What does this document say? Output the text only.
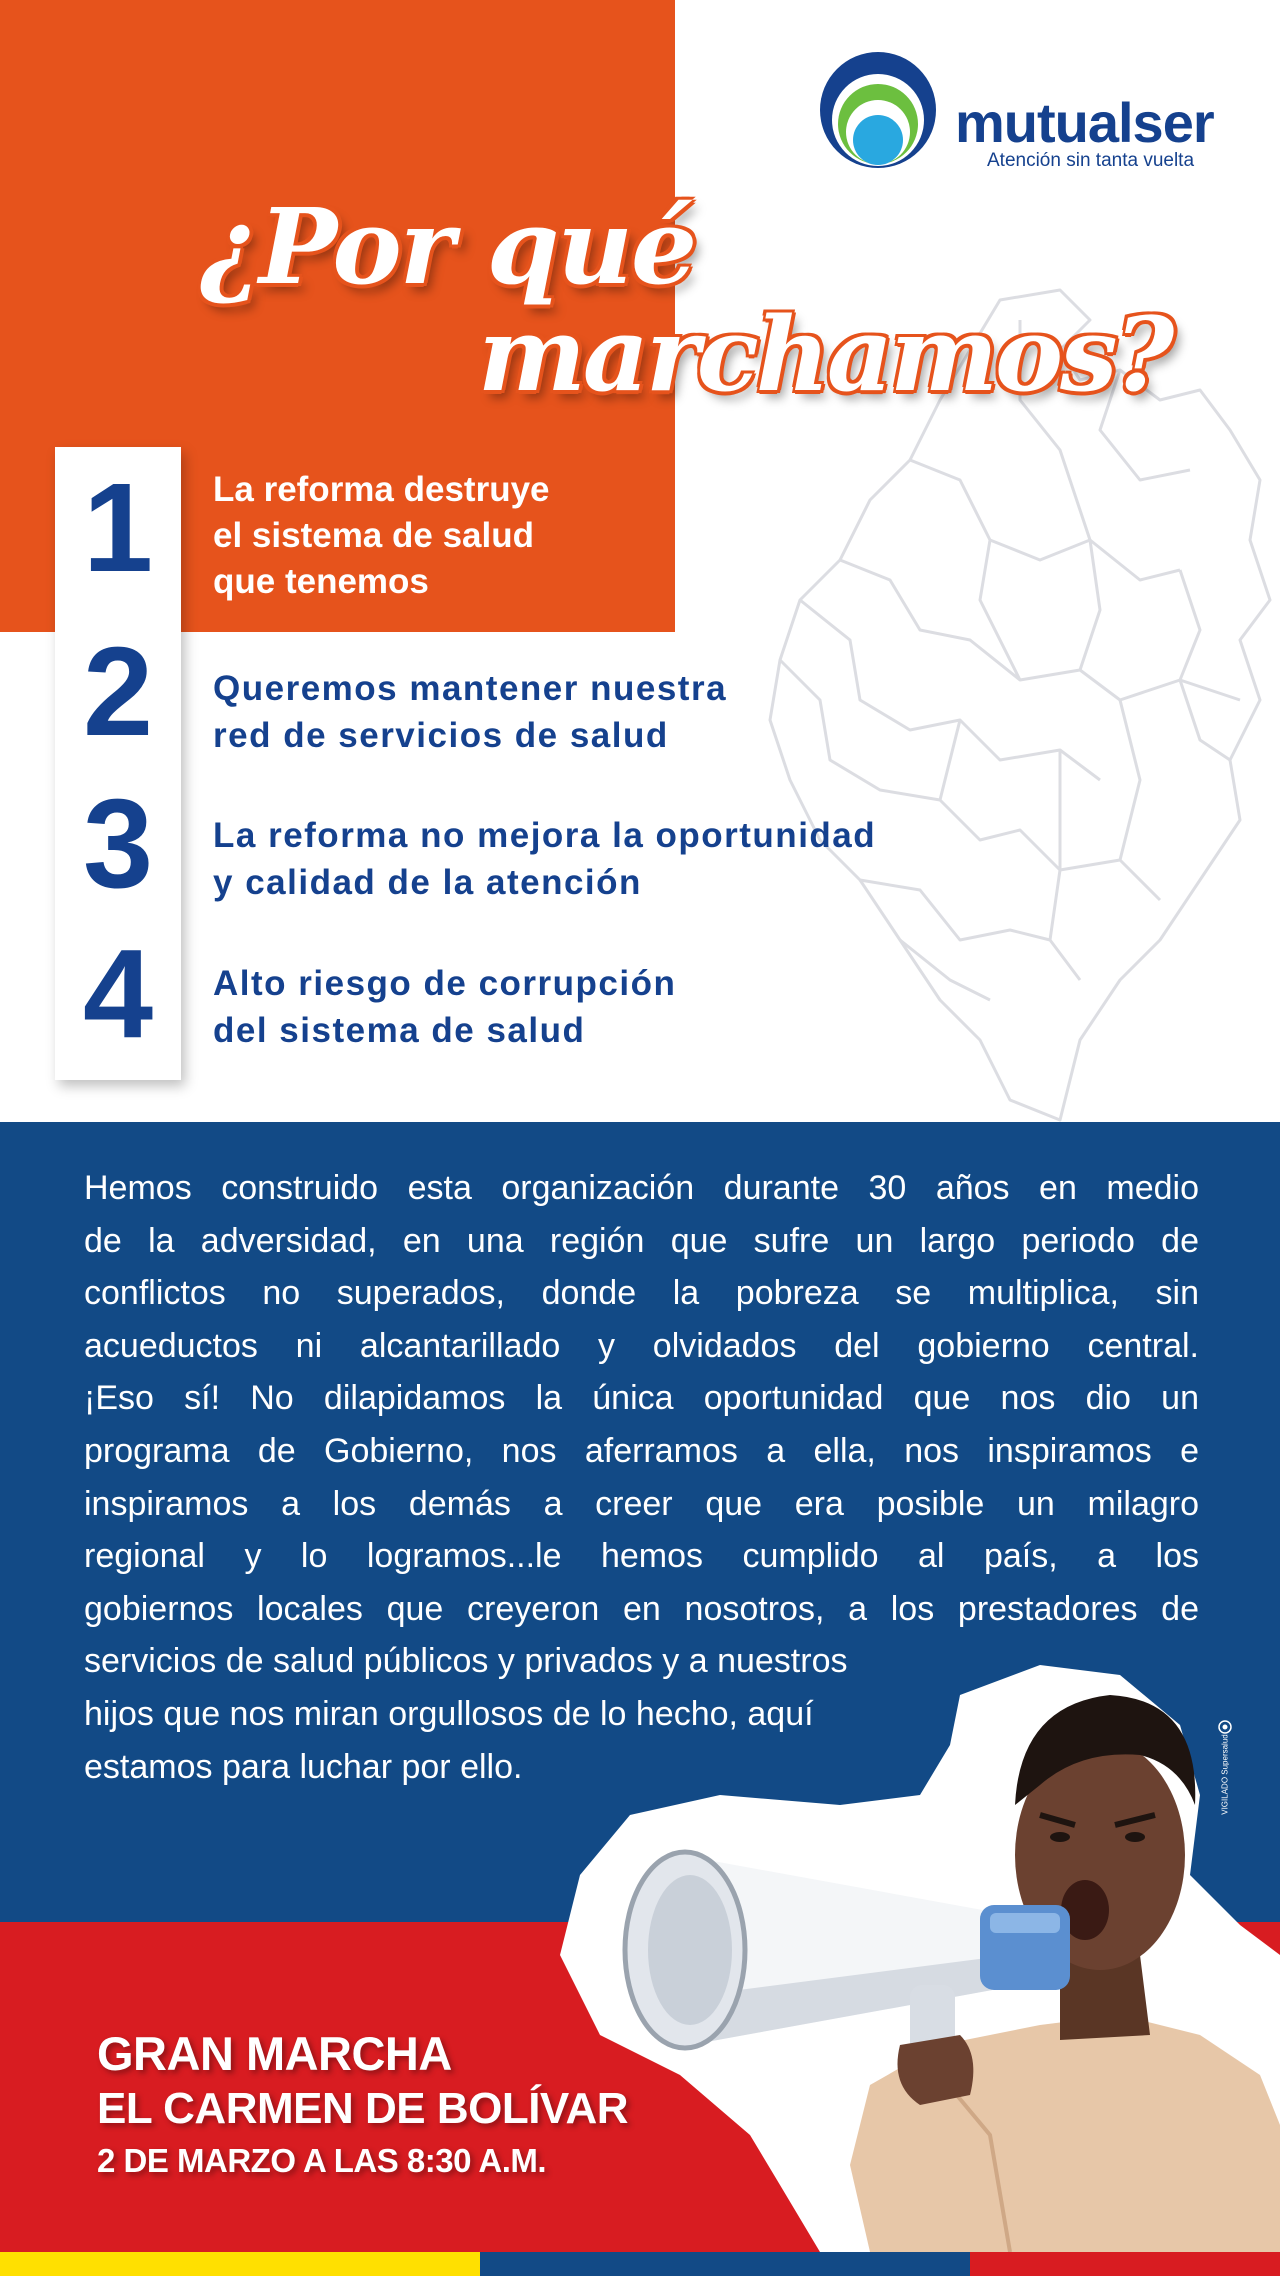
mutualser
Atención sin tanta vuelta
¿Por qué
marchamos?
1
2
3
4
La reforma destruye
el sistema de salud
que tenemos
Queremos mantener nuestra
red de servicios de salud
La reforma no mejora la oportunidad
y calidad de la atención
Alto riesgo de corrupción
del sistema de salud
Hemos construido esta organización durante 30 años en medio
de la adversidad, en una región que sufre un largo periodo de
conflictos no superados, donde la pobreza se multiplica, sin
acueductos ni alcantarillado y olvidados del gobierno central.
¡Eso sí! No dilapidamos la única oportunidad que nos dio un
programa de Gobierno, nos aferramos a ella, nos inspiramos e
inspiramos a los demás a creer que era posible un milagro
regional y lo logramos...le hemos cumplido al país, a los
gobiernos locales que creyeron en nosotros, a los prestadores de
servicios de salud públicos y privados y a nuestros
hijos que nos miran orgullosos de lo hecho, aquí
estamos para luchar por ello.
GRAN MARCHA
EL CARMEN DE BOLÍVAR
2 DE MARZO A LAS 8:30 A.M.
VIGILADO Supersalud
